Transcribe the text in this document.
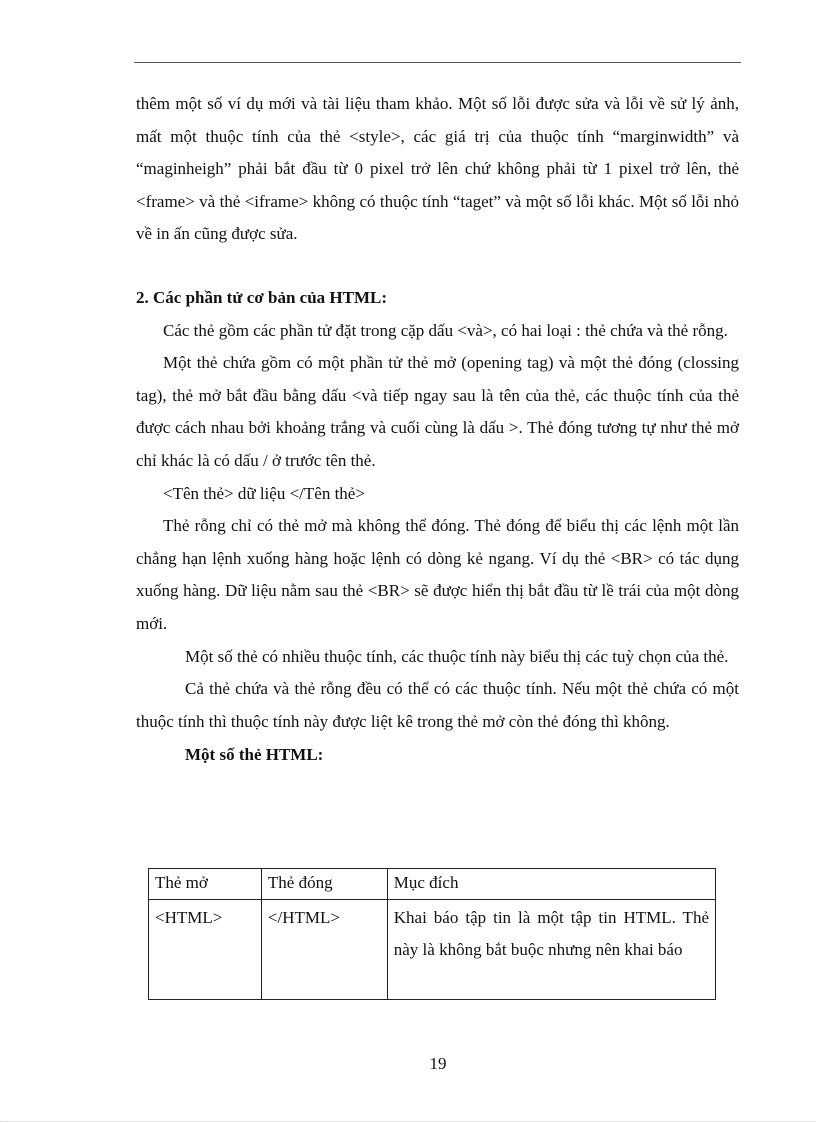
thêm một số ví dụ mới và tài liệu tham khảo. Một số lỗi được sửa và lỗi về sử lý ảnh, mất một thuộc tính của thẻ <style>, các giá trị của thuộc tính “marginwidth” và “maginheigh” phải bắt đầu từ 0 pixel trở lên chứ không phải từ 1 pixel trở lên, thẻ <frame> và thẻ <iframe> không có thuộc tính “taget” và một số lỗi khác. Một số lỗi nhỏ về in ấn cũng được sửa.

2. Các phần tử cơ bản của HTML:

Các thẻ gồm các phần tử đặt trong cặp dấu <và>, có hai loại : thẻ chứa và thẻ rỗng.

Một thẻ chứa gồm có một phần tử thẻ mở (opening tag) và một thẻ đóng (clossing tag), thẻ mở bắt đầu bằng dấu <và tiếp ngay sau là tên của thẻ, các thuộc tính của thẻ được cách nhau bởi khoảng trắng và cuối cùng là dấu >. Thẻ đóng tương tự như thẻ mở chỉ khác là có dấu / ở trước tên thẻ.

<Tên thẻ> dữ liệu </Tên thẻ>

Thẻ rỗng chỉ có thẻ mở mà không thể đóng. Thẻ đóng để biểu thị các lệnh một lần chẳng hạn lệnh xuống hàng hoặc lệnh có dòng kẻ ngang. Ví dụ thẻ <BR> có tác dụng xuống hàng. Dữ liệu nằm sau thẻ <BR> sẽ được hiển thị bắt đầu từ lề trái của một dòng mới.

Một số thẻ có nhiều thuộc tính, các thuộc tính này biểu thị các tuỳ chọn của thẻ.

Cả thẻ chứa và thẻ rỗng đều có thể có các thuộc tính. Nếu một thẻ chứa có một thuộc tính thì thuộc tính này được liệt kê trong thẻ mở còn thẻ đóng thì không.

Một số thẻ HTML:

Thẻ mở	Thẻ đóng	Mục đích
<HTML>	</HTML>	Khai báo tập tin là một tập tin HTML. Thẻ này là không bắt buộc nhưng nên khai báo
19
